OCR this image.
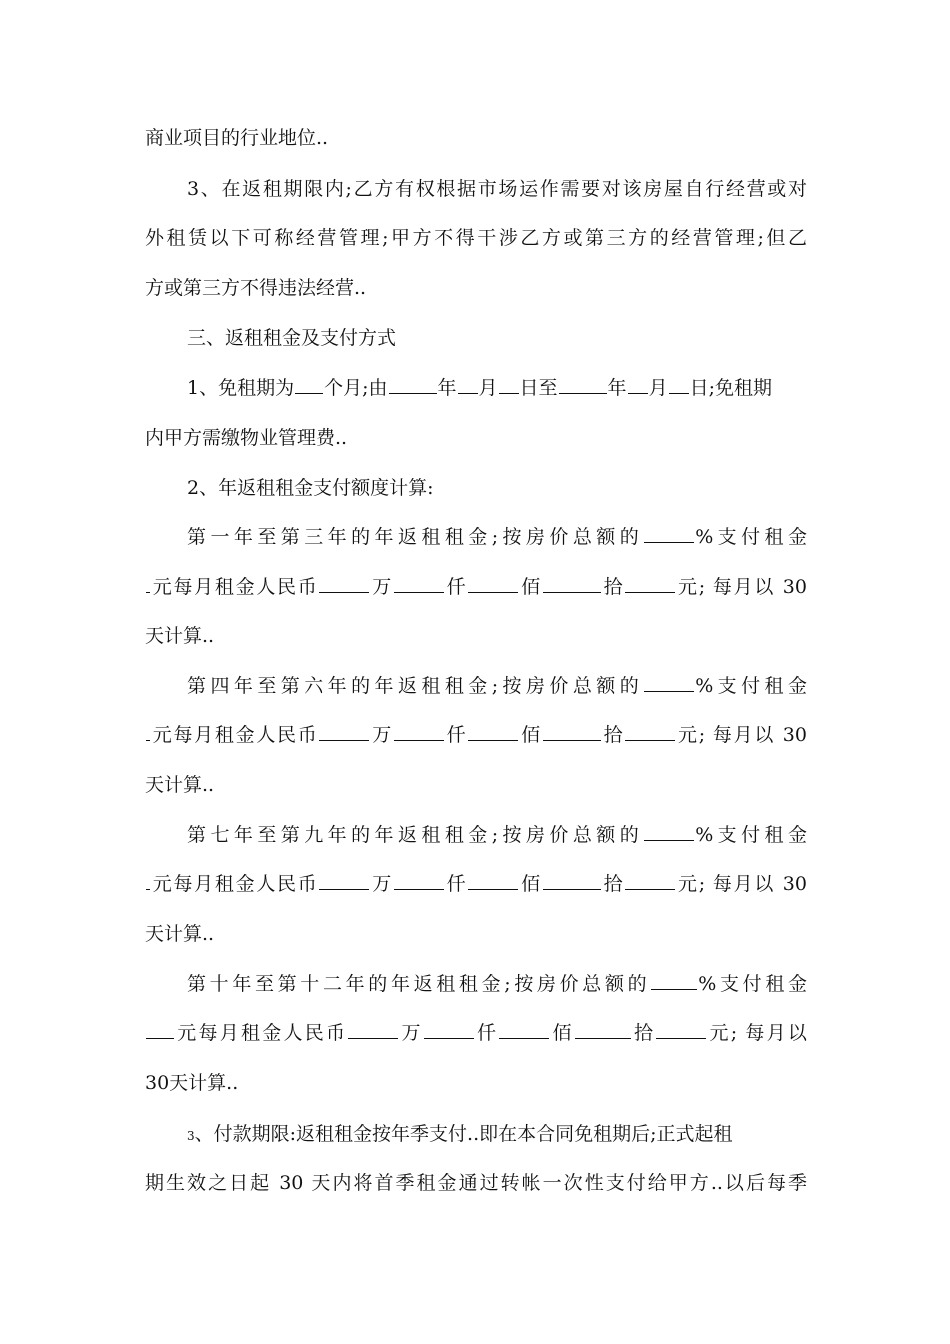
商业项目的行业地位..
3、在返租期限内;乙方有权根据市场运作需要对该房屋自行经营或对
外租赁以下可称经营管理;甲方不得干涉乙方或第三方的经营管理;但乙
方或第三方不得违法经营..
三、返租租金及支付方式
1、免租期为 个月;由	年 月 日至	年 月 日;免租期
内甲方需缴物业管理费..
2、年返租租金支付额度计算:
第一年至第三年的年返租租金;按房价总额的	%支付租金
元每月租金人民币	万	仟	佰	拾	元; 每月以 30
天计算..
第四年至第六年的年返租租金;按房价总额的	%支付租金
元每月租金人民币	万	仟	佰	拾	元; 每月以 30
天计算..
第七年至第九年的年返租租金;按房价总额的	%支付租金
元每月租金人民币	万	仟	佰	拾	元; 每月以 30
天计算..
第十年至第十二年的年返租租金;按房价总额的	%支付租金
元每月租金人民币	万	仟	佰	拾	元; 每月以
30天计算..
3、付款期限:返租租金按年季支付..即在本合同免租期后;正式起租
期生效之日起 30 天内将首季租金通过转帐一次性支付给甲方..以后每季
